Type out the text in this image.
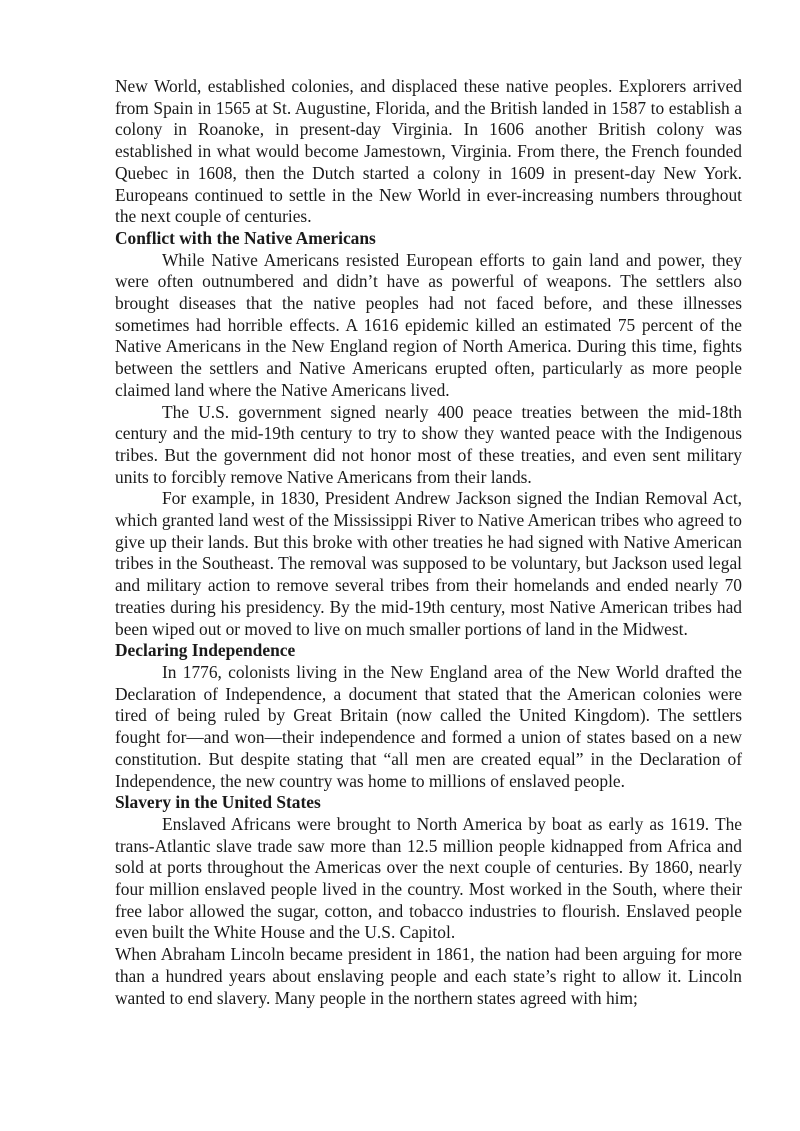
New World, established colonies, and displaced these native peoples. Explorers arrived from Spain in 1565 at St. Augustine, Florida, and the British landed in 1587 to establish a colony in Roanoke, in present-day Virginia. In 1606 another British colony was established in what would become Jamestown, Virginia. From there, the French founded Quebec in 1608, then the Dutch started a colony in 1609 in present-day New York. Europeans continued to settle in the New World in ever-increasing numbers throughout the next couple of centuries.

Conflict with the Native Americans

While Native Americans resisted European efforts to gain land and power, they were often outnumbered and didn’t have as powerful of weapons. The settlers also brought diseases that the native peoples had not faced before, and these illnesses sometimes had horrible effects. A 1616 epidemic killed an estimated 75 percent of the Native Americans in the New England region of North America. During this time, fights between the settlers and Native Americans erupted often, particularly as more people claimed land where the Native Americans lived.

The U.S. government signed nearly 400 peace treaties between the mid-18th century and the mid-19th century to try to show they wanted peace with the Indigenous tribes. But the government did not honor most of these treaties, and even sent military units to forcibly remove Native Americans from their lands.

For example, in 1830, President Andrew Jackson signed the Indian Removal Act, which granted land west of the Mississippi River to Native American tribes who agreed to give up their lands. But this broke with other treaties he had signed with Native American tribes in the Southeast. The removal was supposed to be voluntary, but Jackson used legal and military action to remove several tribes from their homelands and ended nearly 70 treaties during his presidency. By the mid-19th century, most Native American tribes had been wiped out or moved to live on much smaller portions of land in the Midwest.

Declaring Independence

In 1776, colonists living in the New England area of the New World drafted the Declaration of Independence, a document that stated that the American colonies were tired of being ruled by Great Britain (now called the United Kingdom). The settlers fought for—and won—their independence and formed a union of states based on a new constitution. But despite stating that “all men are created equal” in the Declaration of Independence, the new country was home to millions of enslaved people.

Slavery in the United States

Enslaved Africans were brought to North America by boat as early as 1619. The trans-Atlantic slave trade saw more than 12.5 million people kidnapped from Africa and sold at ports throughout the Americas over the next couple of centuries. By 1860, nearly four million enslaved people lived in the country. Most worked in the South, where their free labor allowed the sugar, cotton, and tobacco industries to flourish. Enslaved people even built the White House and the U.S. Capitol.

When Abraham Lincoln became president in 1861, the nation had been arguing for more than a hundred years about enslaving people and each state’s right to allow it. Lincoln wanted to end slavery. Many people in the northern states agreed with him;
